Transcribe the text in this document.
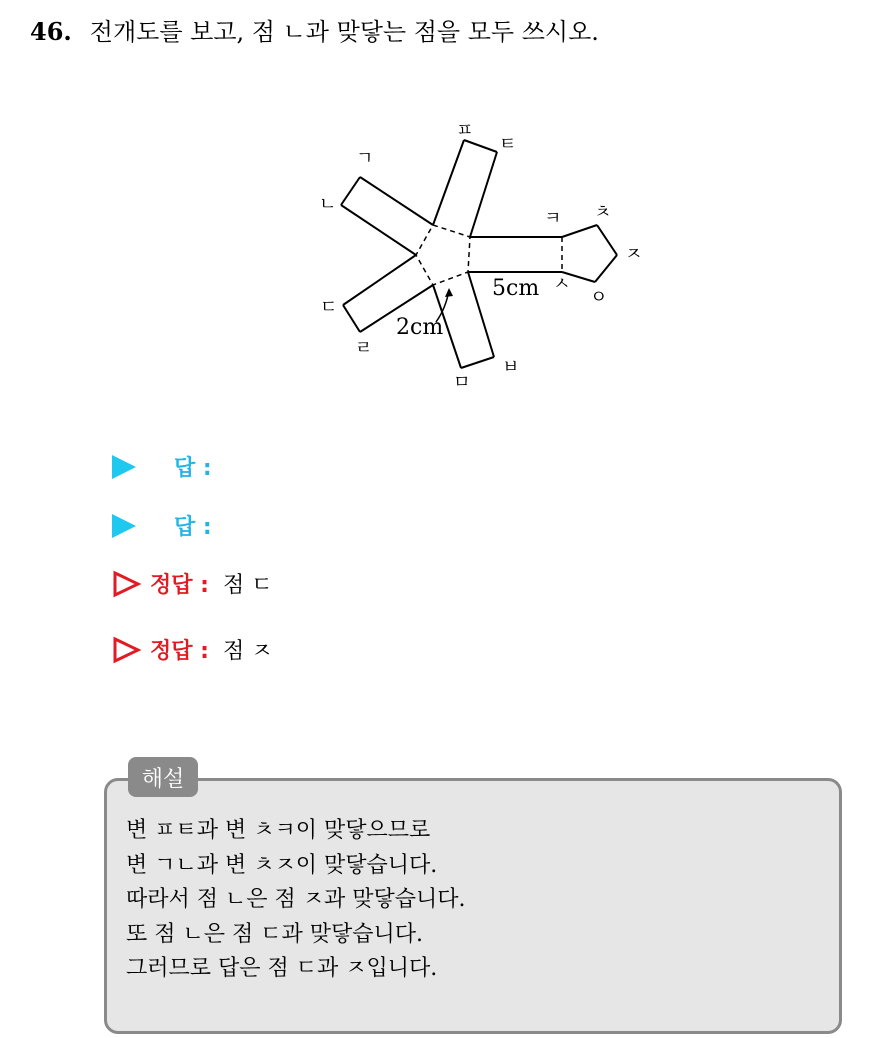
46. 전개도를 보고, 점 ㄴ과 맞닿는 점을 모두 쓰시오.
ㅍ
ㅌ
ㄱ
ㄴ
ㅋ ㅊ
ㅈ
ㅅ
ㅇ
ㄷ
ㄹ
ㅁ
ㅂ
5cm
2cm
답 :
답 :
정답 : 점 ㄷ
정답 : 점 ㅈ
해설
변 ㅍㅌ과 변 ㅊㅋ이 맞닿으므로
변 ㄱㄴ과 변 ㅊㅈ이 맞닿습니다.
따라서 점 ㄴ은 점 ㅈ과 맞닿습니다.
또 점 ㄴ은 점 ㄷ과 맞닿습니다.
그러므로 답은 점 ㄷ과 ㅈ입니다.
